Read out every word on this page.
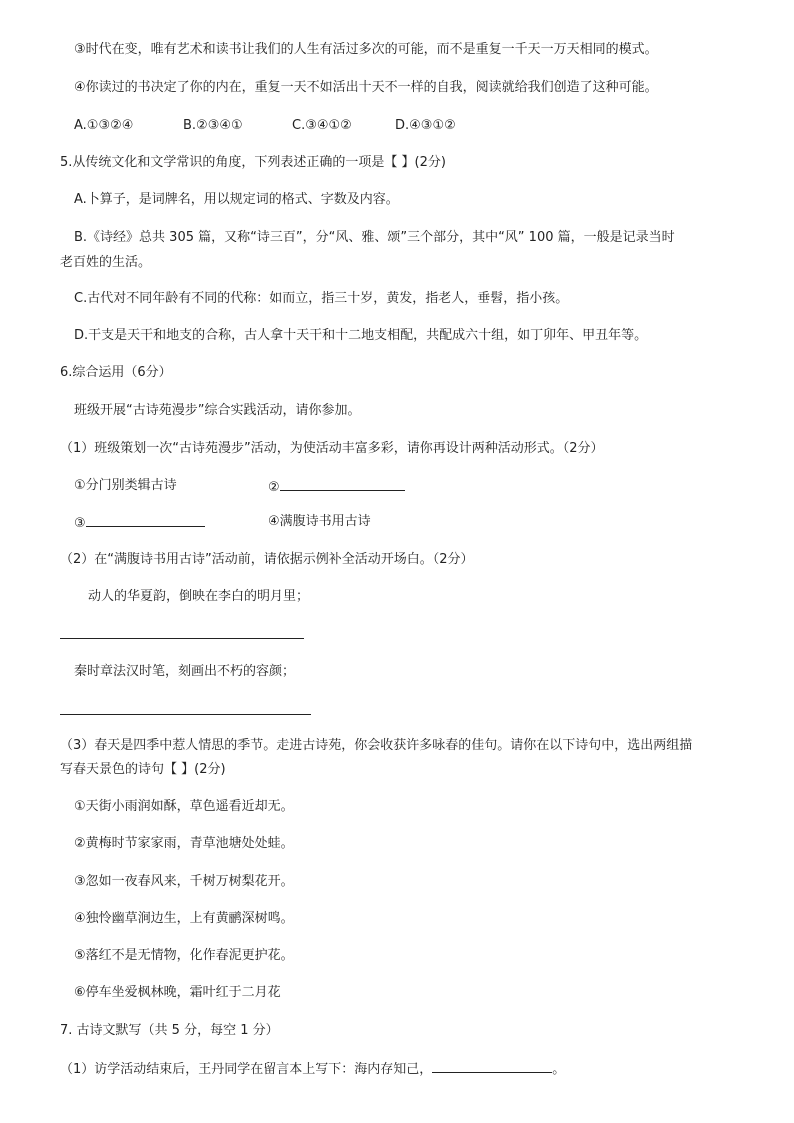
③时代在变，唯有艺术和读书让我们的人生有活过多次的可能，而不是重复一千天一万天相同的模式。
④你读过的书决定了你的内在，重复一天不如活出十天不一样的自我，阅读就给我们创造了这种可能。
A.①③②④	B.②③④①	C.③④①②	D.④③①②
5.从传统文化和文学常识的角度，下列表述正确的一项是【 】(2分)
A.卜算子，是词牌名，用以规定词的格式、字数及内容。
B.《诗经》总共 305 篇，又称“诗三百”，分“风、雅、颂”三个部分，其中“风” 100 篇，一般是记录当时
老百姓的生活。
C.古代对不同年龄有不同的代称：如而立，指三十岁，黄发，指老人，垂髫，指小孩。
D.干支是天干和地支的合称，古人拿十天干和十二地支相配，共配成六十组，如丁卯年、甲丑年等。
6.综合运用（6分）
班级开展“古诗苑漫步”综合实践活动，请你参加。
（1）班级策划一次“古诗苑漫步”活动，为使活动丰富多彩，请你再设计两种活动形式。（2分）
①分门别类辑古诗	②
③	④满腹诗书用古诗
（2）在“满腹诗书用古诗”活动前，请依据示例补全活动开场白。（2分）
动人的华夏韵，倒映在李白的明月里；
秦时章法汉时笔，刻画出不朽的容颜；
（3）春天是四季中惹人情思的季节。走进古诗苑，你会收获许多咏春的佳句。请你在以下诗句中，选出两组描
写春天景色的诗句【 】(2分)
①天街小雨润如酥，草色遥看近却无。
②黄梅时节家家雨，青草池塘处处蛙。
③忽如一夜春风来，千树万树梨花开。
④独怜幽草涧边生，上有黄鹂深树鸣。
⑤落红不是无情物，化作春泥更护花。
⑥停车坐爱枫林晚，霜叶红于二月花
7. 古诗文默写（共 5 分，每空 1 分）
（1）访学活动结束后，王丹同学在留言本上写下：海内存知己，	。
